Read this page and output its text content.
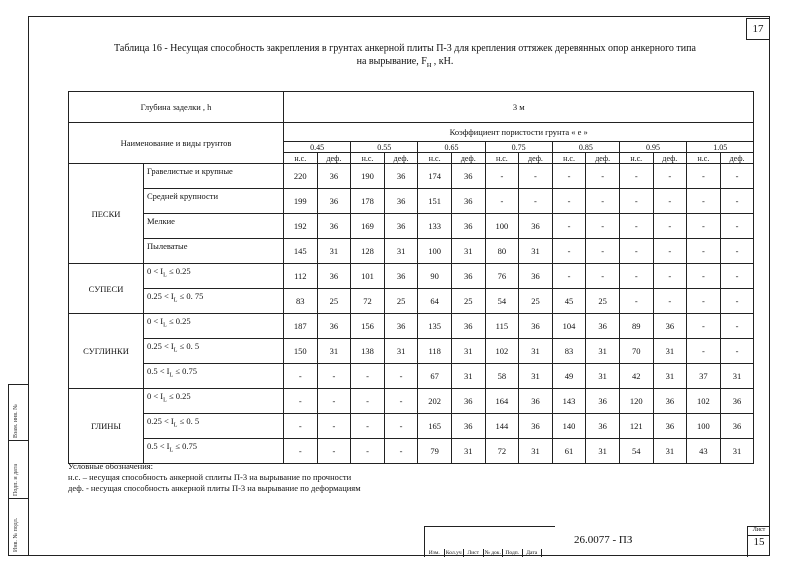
17
Взам. инв. №
Подп. и дата
Инв. № подл.
Таблица 16 - Несущая способность закрепления в грунтах анкерной плиты П-3 для крепления оттяжек деревянных опор анкерного типа
на вырывание, $F_н$ , кН.
Глубина заделки , h		3 м													
Наименование и виды грунтов		Коэффициент пористости грунта « е »													
		0.45		0.55		0.65		0.75		0.85		0.95		1.05	
		н.с.	деф.	н.с.	деф.	н.с.	деф.	н.с.	деф.	н.с.	деф.	н.с.	деф.	н.с.	деф.
ПЕСКИ	Гравелистые и крупные	220	36	190	36	174	36	-	-	-	-	-	-	-	-
	Средней крупности	199	36	178	36	151	36	-	-	-	-	-	-	-	-
	Мелкие	192	36	169	36	133	36	100	36	-	-	-	-	-	-
	Пылеватые	145	31	128	31	100	31	80	31	-	-	-	-	-	-
СУПЕСИ	$0 < I_L \le 0.25$	112	36	101	36	90	36	76	36	-	-	-	-	-	-
	$0.25 < I_L \le 0$. 75	83	25	72	25	64	25	54	25	45	25	-	-	-	-
СУГЛИНКИ	$0 < I_L \le 0.25$	187	36	156	36	135	36	115	36	104	36	89	36	-	-
	$0.25 < I_L \le 0$. 5	150	31	138	31	118	31	102	31	83	31	70	31	-	-
	$0.5 < I_L \le 0.75$	-	-	-	-	67	31	58	31	49	31	42	31	37	31
ГЛИНЫ	$0 < I_L \le 0.25$	-	-	-	-	202	36	164	36	143	36	120	36	102	36
	$0.25 < I_L \le 0$. 5	-	-	-	-	165	36	144	36	140	36	121	36	100	36
	$0.5 < I_L \le 0.75$	-	-	-	-	79	31	72	31	61	31	54	31	43	31
Условные обозначения:
н.с. – несущая способность анкерной сплиты П-3 на вырывание по прочности
деф. - несущая способность анкерной плиты П-3 на вырывание по деформациям
Изм.	Кол.уч	Лист	№ док. Подп.	Дата
26.0077 - ПЗ
Лист
15
